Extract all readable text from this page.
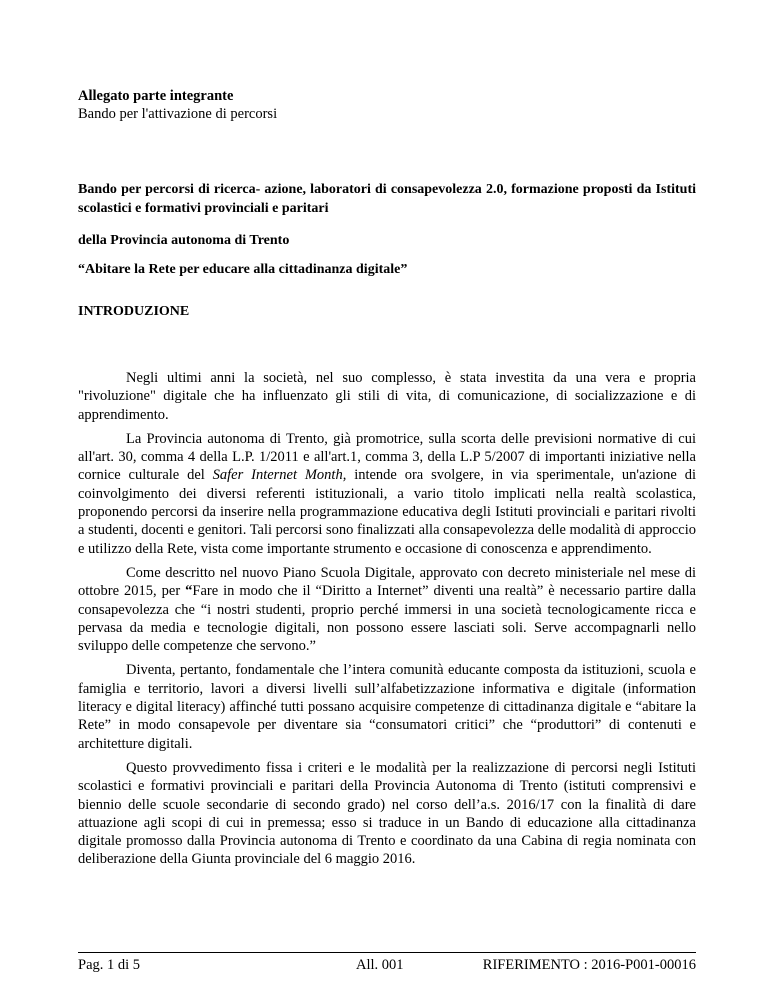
Allegato parte integrante
Bando per l'attivazione di percorsi

Bando per percorsi di ricerca- azione, laboratori di consapevolezza 2.0, formazione proposti da Istituti scolastici e formativi provinciali e paritari

della Provincia autonoma di Trento

“Abitare la Rete per educare alla cittadinanza digitale”

INTRODUZIONE

Negli ultimi anni la società, nel suo complesso, è stata investita da una vera e propria "rivoluzione" digitale che ha influenzato gli stili di vita, di comunicazione, di socializzazione e di apprendimento.

La Provincia autonoma di Trento, già promotrice, sulla scorta delle previsioni normative di cui all'art. 30, comma 4 della L.P. 1/2011 e all'art.1, comma 3, della L.P 5/2007 di importanti iniziative nella cornice culturale del Safer Internet Month, intende ora svolgere, in via sperimentale, un'azione di coinvolgimento dei diversi referenti istituzionali, a vario titolo implicati nella realtà scolastica, proponendo percorsi da inserire nella programmazione educativa degli Istituti provinciali e paritari rivolti a studenti, docenti e genitori. Tali percorsi sono finalizzati alla consapevolezza delle modalità di approccio e utilizzo della Rete, vista come importante strumento e occasione di conoscenza e apprendimento.

Come descritto nel nuovo Piano Scuola Digitale, approvato con decreto ministeriale nel mese di ottobre 2015, per “Fare in modo che il “Diritto a Internet” diventi una realtà” è necessario partire dalla consapevolezza che “i nostri studenti, proprio perché immersi in una società tecnologicamente ricca e pervasa da media e tecnologie digitali, non possono essere lasciati soli. Serve accompagnarli nello sviluppo delle competenze che servono.”

Diventa, pertanto, fondamentale che l’intera comunità educante composta da istituzioni, scuola e famiglia e territorio, lavori a diversi livelli sull’alfabetizzazione informativa e digitale (information literacy e digital literacy) affinché tutti possano acquisire competenze di cittadinanza digitale e “abitare la Rete” in modo consapevole per diventare sia “consumatori critici” che “produttori” di contenuti e architetture digitali.

Questo provvedimento fissa i criteri e le modalità per la realizzazione di percorsi negli Istituti scolastici e formativi provinciali e paritari della Provincia Autonoma di Trento (istituti comprensivi e biennio delle scuole secondarie di secondo grado) nel corso dell’a.s. 2016/17 con la finalità di dare attuazione agli scopi di cui in premessa; esso si traduce in un Bando di educazione alla cittadinanza digitale promosso dalla Provincia autonoma di Trento e coordinato da una Cabina di regia nominata con deliberazione della Giunta provinciale del 6 maggio 2016.

Pag. 1 di 5	All. 001	RIFERIMENTO : 2016-P001-00016
